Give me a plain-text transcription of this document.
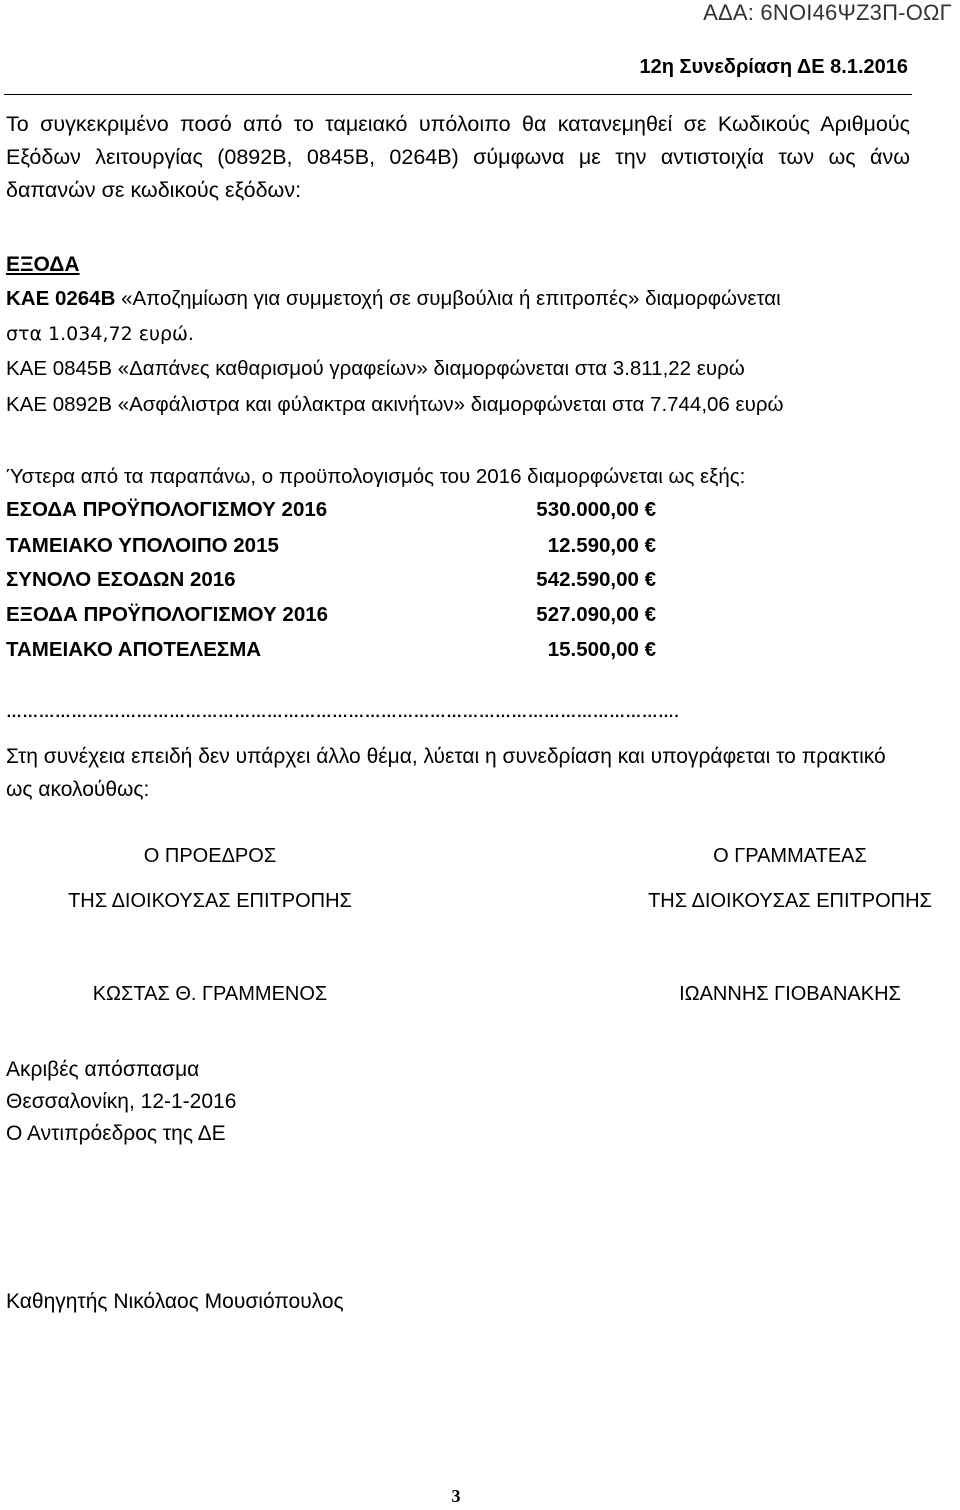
ΑΔΑ: 6ΝΟΙ46ΨΖ3Π-ΟΩΓ
12η Συνεδρίαση ΔΕ 8.1.2016
Το συγκεκριμένο ποσό από το ταμειακό υπόλοιπο θα κατανεμηθεί σε Κωδικούς Αριθμούς Εξόδων λειτουργίας (0892Β, 0845Β, 0264Β) σύμφωνα με την αντιστοιχία των ως άνω δαπανών σε κωδικούς εξόδων:
ΕΞΟΔΑ
ΚΑΕ 0264Β «Αποζημίωση για συμμετοχή σε συμβούλια ή επιτροπές» διαμορφώνεται
στα 1.034,72 ευρώ.
ΚΑΕ 0845Β «Δαπάνες καθαρισμού γραφείων» διαμορφώνεται στα 3.811,22 ευρώ
ΚΑΕ 0892Β «Ασφάλιστρα και φύλακτρα ακινήτων» διαμορφώνεται στα 7.744,06 ευρώ
Ύστερα από τα παραπάνω, ο προϋπολογισμός του 2016 διαμορφώνεται ως εξής:
ΕΣΟΔΑ ΠΡΟΫΠΟΛΟΓΙΣΜΟΥ 2016	530.000,00 €
ΤΑΜΕΙΑΚΟ ΥΠΟΛΟΙΠΟ 2015	12.590,00 €
ΣΥΝΟΛΟ ΕΣΟΔΩΝ 2016	542.590,00 €
ΕΞΟΔΑ ΠΡΟΫΠΟΛΟΓΙΣΜΟΥ 2016	527.090,00 €
ΤΑΜΕΙΑΚΟ ΑΠΟΤΕΛΕΣΜΑ	15.500,00 €
…………………………………………………………………………………………………………….
Στη συνέχεια επειδή δεν υπάρχει άλλο θέμα, λύεται η συνεδρίαση και υπογράφεται το πρακτικό ως ακολούθως:
Ο ΠΡΟΕΔΡΟΣ
ΤΗΣ ΔΙΟΙΚΟΥΣΑΣ ΕΠΙΤΡΟΠΗΣ
ΚΩΣΤΑΣ Θ. ΓΡΑΜΜΕΝΟΣ
Ο ΓΡΑΜΜΑΤΕΑΣ
ΤΗΣ ΔΙΟΙΚΟΥΣΑΣ ΕΠΙΤΡΟΠΗΣ
ΙΩΑΝΝΗΣ ΓΙΟΒΑΝΑΚΗΣ
Ακριβές απόσπασμα
Θεσσαλονίκη, 12-1-2016
Ο Αντιπρόεδρος της ΔΕ
Καθηγητής Νικόλαος Μουσιόπουλος
3
